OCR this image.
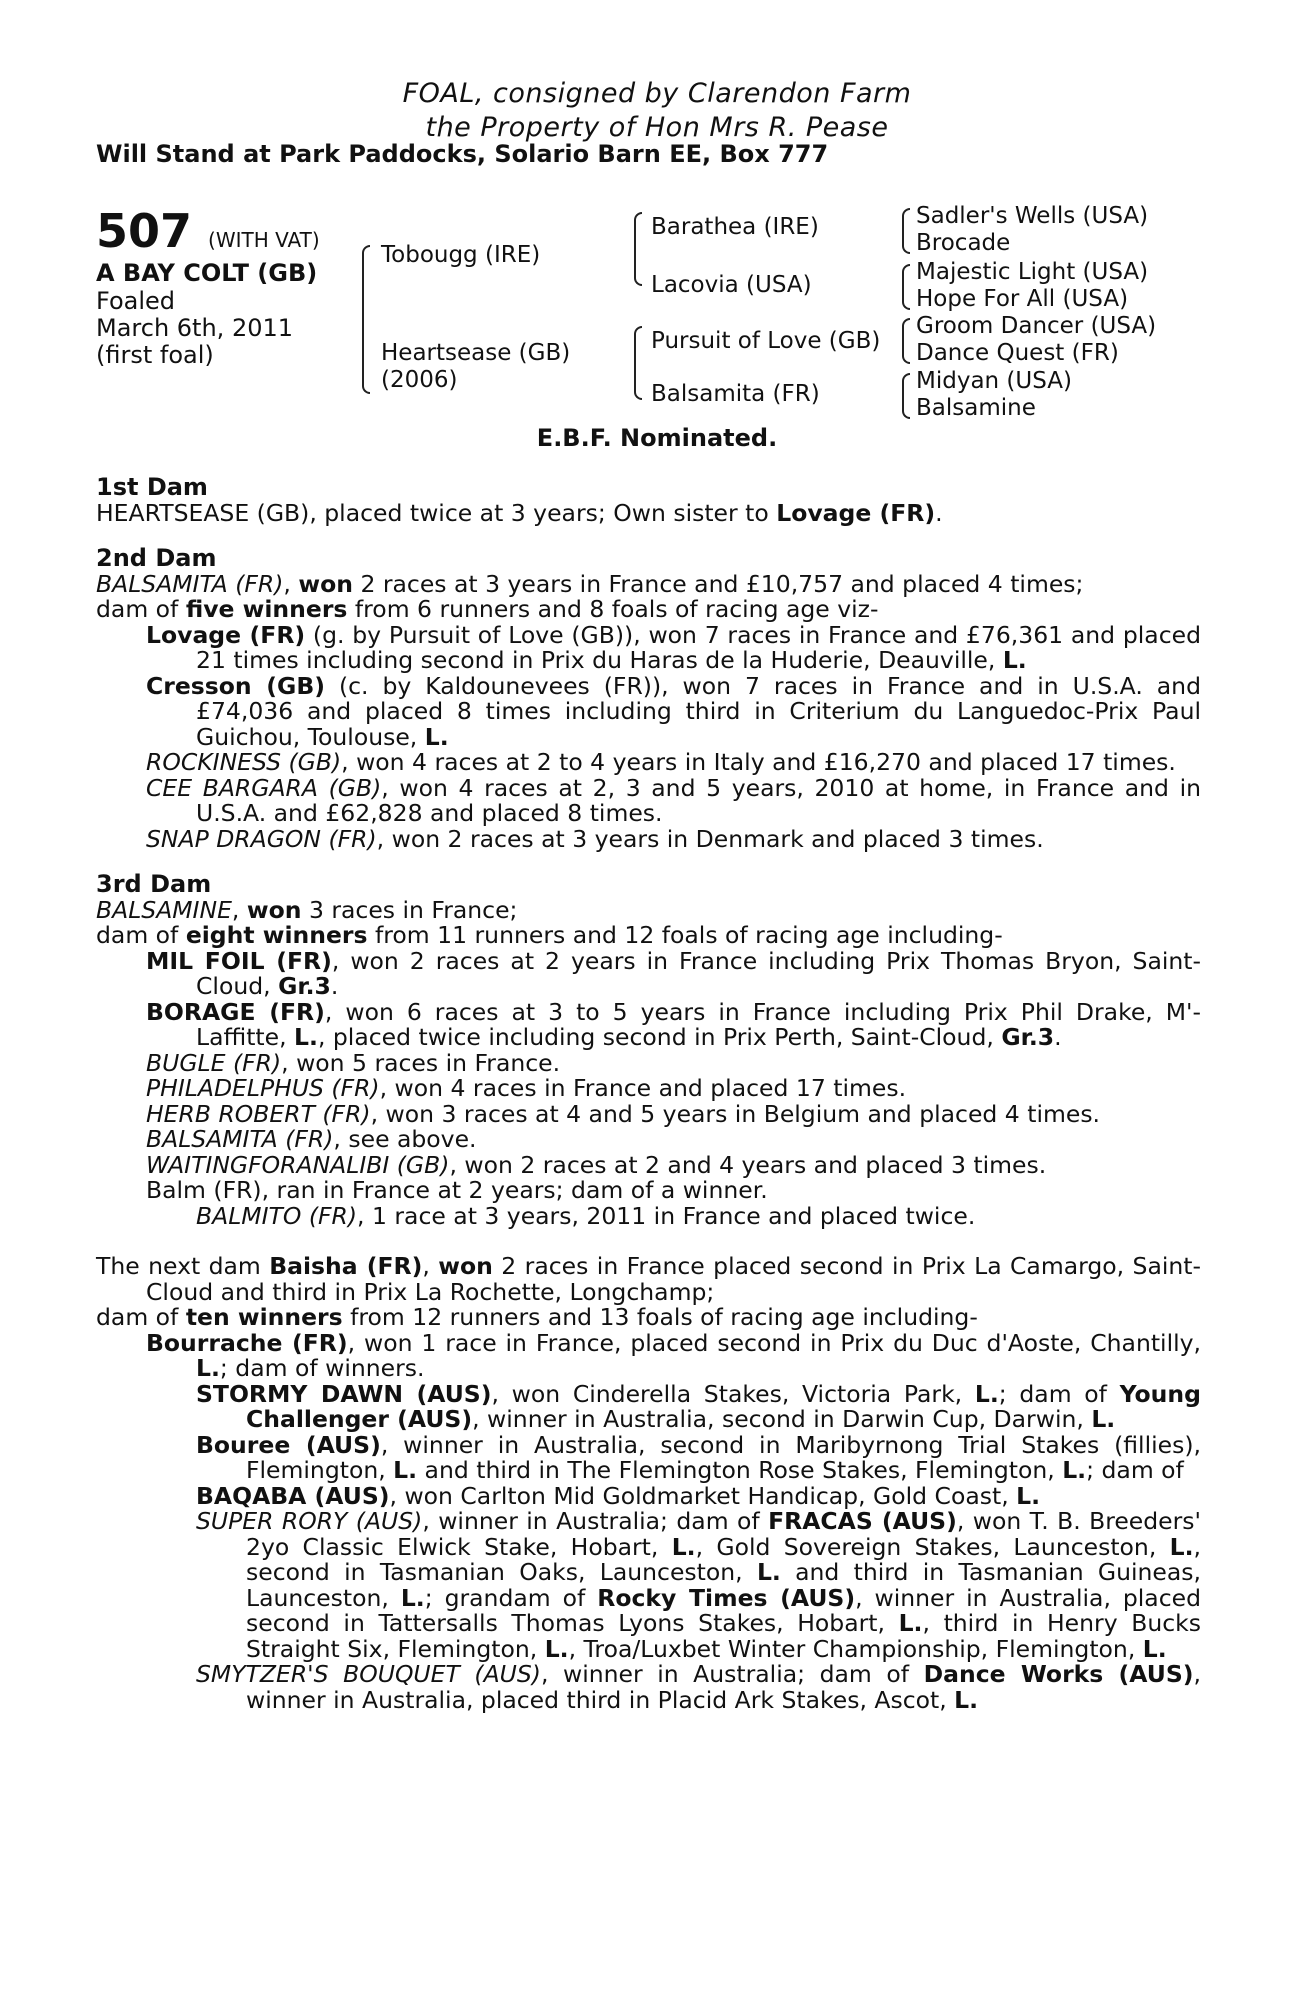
FOAL, consigned by Clarendon Farm
the Property of Hon Mrs R. Pease
Will Stand at Park Paddocks, Solario Barn EE, Box 777
507 (WITH VAT)
A BAY COLT (GB)
Foaled
March 6th, 2011
(first foal)
Tobougg (IRE)
Heartsease (GB)
(2006)
Barathea (IRE)
Lacovia (USA)
Pursuit of Love (GB)
Balsamita (FR)
Sadler's Wells (USA)
Brocade
Majestic Light (USA)
Hope For All (USA)
Groom Dancer (USA)
Dance Quest (FR)
Midyan (USA)
Balsamine
E.B.F. Nominated.

1st Dam

HEARTSEASE (GB), placed twice at 3 years; Own sister to Lovage (FR).

2nd Dam

BALSAMITA (FR), won 2 races at 3 years in France and £10,757 and placed 4 times;

dam of five winners from 6 runners and 8 foals of racing age viz-

Lovage (FR) (g. by Pursuit of Love (GB)), won 7 races in France and £76,361 and placed 21 times including second in Prix du Haras de la Huderie, Deauville, L.

Cresson (GB) (c. by Kaldounevees (FR)), won 7 races in France and in U.S.A. and £74,036 and placed 8 times including third in Criterium du Languedoc-Prix Paul Guichou, Toulouse, L.

ROCKINESS (GB), won 4 races at 2 to 4 years in Italy and £16,270 and placed 17 times.

CEE BARGARA (GB), won 4 races at 2, 3 and 5 years, 2010 at home, in France and in U.S.A. and £62,828 and placed 8 times.

SNAP DRAGON (FR), won 2 races at 3 years in Denmark and placed 3 times.

3rd Dam

BALSAMINE, won 3 races in France;

dam of eight winners from 11 runners and 12 foals of racing age including-

MIL FOIL (FR), won 2 races at 2 years in France including Prix Thomas Bryon, Saint-Cloud, Gr.3.

BORAGE (FR), won 6 races at 3 to 5 years in France including Prix Phil Drake, M'-Laffitte, L., placed twice including second in Prix Perth, Saint-Cloud, Gr.3.

BUGLE (FR), won 5 races in France.

PHILADELPHUS (FR), won 4 races in France and placed 17 times.

HERB ROBERT (FR), won 3 races at 4 and 5 years in Belgium and placed 4 times.

BALSAMITA (FR), see above.

WAITINGFORANALIBI (GB), won 2 races at 2 and 4 years and placed 3 times.

Balm (FR), ran in France at 2 years; dam of a winner.

BALMITO (FR), 1 race at 3 years, 2011 in France and placed twice.

The next dam Baisha (FR), won 2 races in France placed second in Prix La Camargo, Saint-Cloud and third in Prix La Rochette, Longchamp;

dam of ten winners from 12 runners and 13 foals of racing age including-

Bourrache (FR), won 1 race in France, placed second in Prix du Duc d'Aoste, Chantilly, L.; dam of winners.

STORMY DAWN (AUS), won Cinderella Stakes, Victoria Park, L.; dam of Young Challenger (AUS), winner in Australia, second in Darwin Cup, Darwin, L.

Bouree (AUS), winner in Australia, second in Maribyrnong Trial Stakes (fillies), Flemington, L. and third in The Flemington Rose Stakes, Flemington, L.; dam of

BAQABA (AUS), won Carlton Mid Goldmarket Handicap, Gold Coast, L.

SUPER RORY (AUS), winner in Australia; dam of FRACAS (AUS), won T. B. Breeders' 2yo Classic Elwick Stake, Hobart, L., Gold Sovereign Stakes, Launceston, L., second in Tasmanian Oaks, Launceston, L. and third in Tasmanian Guineas, Launceston, L.; grandam of Rocky Times (AUS), winner in Australia, placed second in Tattersalls Thomas Lyons Stakes, Hobart, L., third in Henry Bucks Straight Six, Flemington, L., Troa/Luxbet Winter Championship, Flemington, L.

SMYTZER'S BOUQUET (AUS), winner in Australia; dam of Dance Works (AUS), winner in Australia, placed third in Placid Ark Stakes, Ascot, L.
